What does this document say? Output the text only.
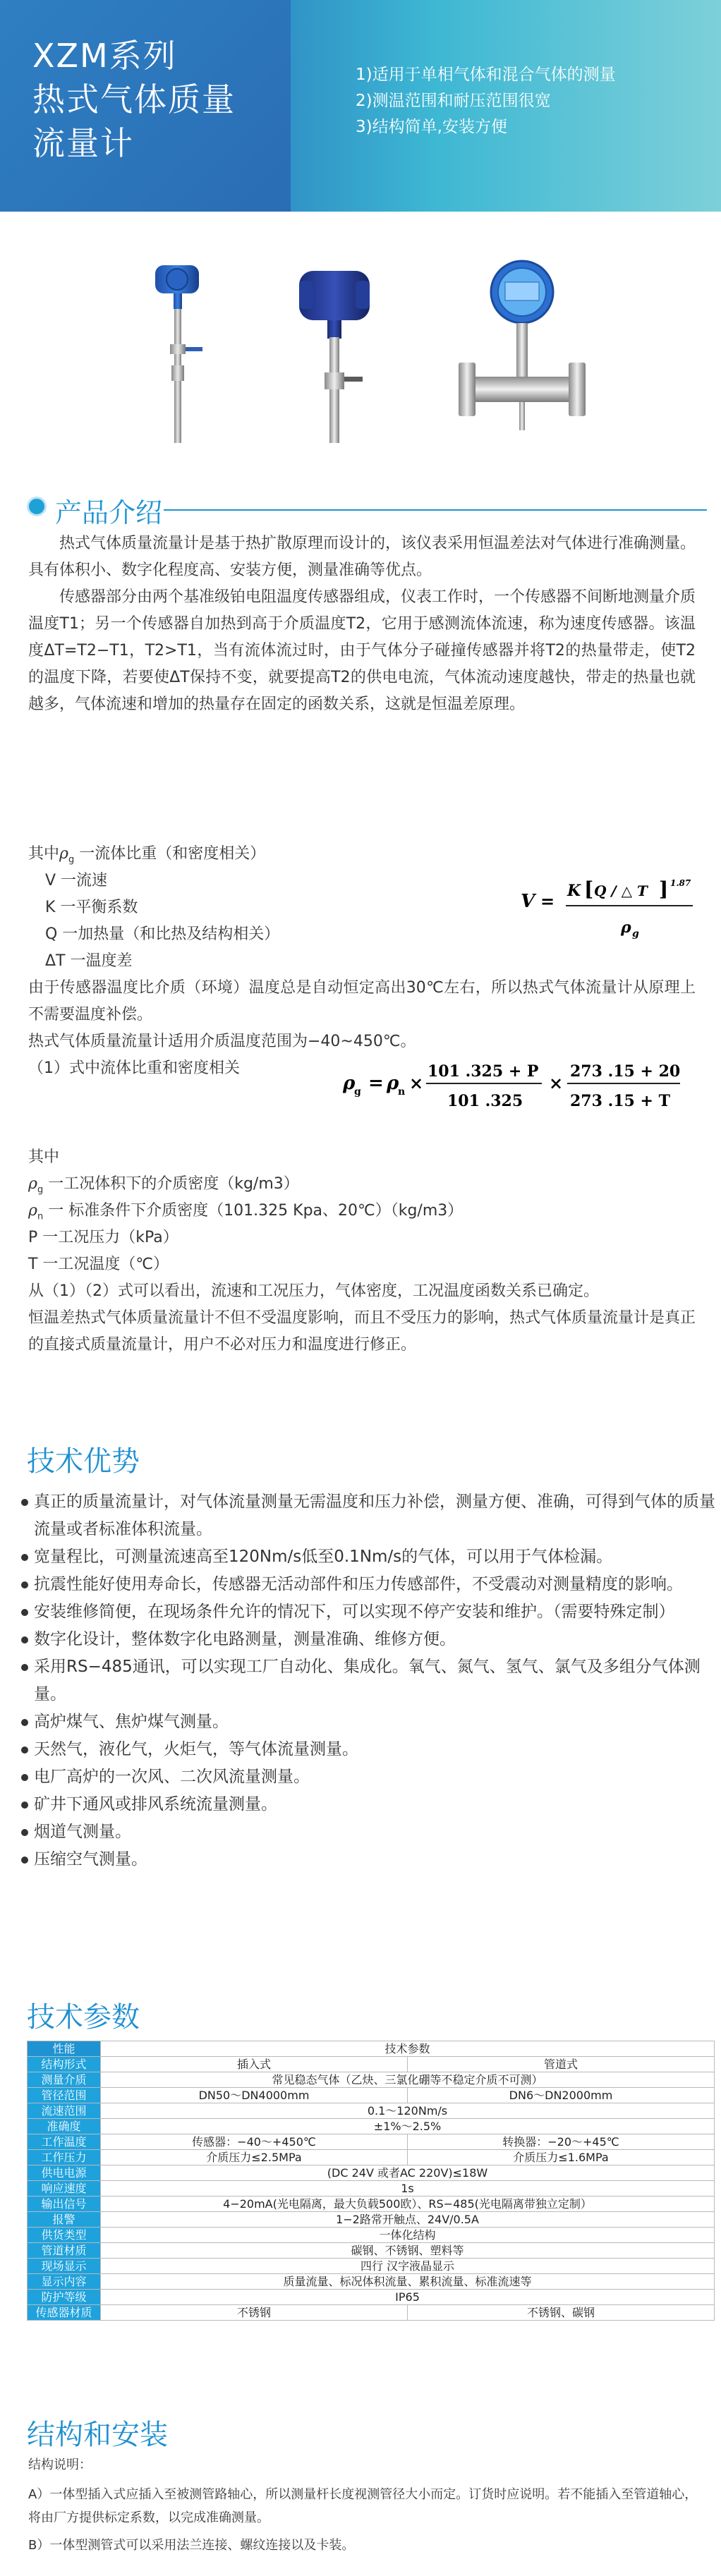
XZM系列
热式气体质量
流量计
1)适用于单相气体和混合气体的测量
2)测温范围和耐压范围很宽
3)结构简单,安装方便
产品介绍

热式气体质量流量计是基于热扩散原理而设计的，该仪表采用恒温差法对气体进行准确测量。具有体积小、数字化程度高、安装方便，测量准确等优点。

传感器部分由两个基准级铂电阻温度传感器组成，仪表工作时，一个传感器不间断地测量介质温度T1；另一个传感器自加热到高于介质温度T2，它用于感测流体流速，称为速度传感器。该温度ΔT=T2−T1，T2>T1，当有流体流过时，由于气体分子碰撞传感器并将T2的热量带走，使T2的温度下降，若要使ΔT保持不变，就要提高T2的供电电流，气体流动速度越快，带走的热量也就越多，气体流速和增加的热量存在固定的函数关系，这就是恒温差原理。

V = K [ Q / △ T ] 1.87
ρ g
其中$\rho_g$ 一流体比重（和密度相关）
V 一流速
K 一平衡系数
Q 一加热量（和比热及结构相关）
ΔT 一温度差
由于传感器温度比介质（环境）温度总是自动恒定高出30℃左右，所以热式气体流量计从原理上不需要温度补偿。
热式气体质量流量计适用介质温度范围为−40~450℃。
（1）式中流体比重和密度相关
ρ
g = ρ
n ×
101 .325 + P
101 .325
×
273 .15 + 20
273 .15 + T
其中
$\rho_g$ 一工况体积下的介质密度（kg/m3）
$\rho_n$ 一 标准条件下介质密度（101.325 Kpa、20℃）（kg/m3）
P 一工况压力（kPa）
T 一工况温度（℃）
从（1）（2）式可以看出，流速和工况压力，气体密度，工况温度函数关系已确定。
恒温差热式气体质量流量计不但不受温度影响，而且不受压力的影响，热式气体质量流量计是真正的直接式质量流量计，用户不必对压力和温度进行修正。
技术优势
真正的质量流量计，对气体流量测量无需温度和压力补偿，测量方便、准确，可得到气体的质量流量或者标准体积流量。
宽量程比，可测量流速高至120Nm/s低至0.1Nm/s的气体，可以用于气体检漏。
抗震性能好使用寿命长，传感器无活动部件和压力传感部件，不受震动对测量精度的影响。
安装维修简便，在现场条件允许的情况下，可以实现不停产安装和维护。（需要特殊定制）
数字化设计，整体数字化电路测量，测量准确、维修方便。
采用RS−485通讯，可以实现工厂自动化、集成化。氧气、氮气、氢气、氯气及多组分气体测量。
高炉煤气、焦炉煤气测量。
天然气，液化气，火炬气，等气体流量测量。
电厂高炉的一次风、二次风流量测量。
矿井下通风或排风系统流量测量。
烟道气测量。
压缩空气测量。
技术参数
性能	技术参数	
结构形式	插入式	管道式
测量介质	常见稳态气体（乙炔、三氯化硼等不稳定介质不可测）	
管径范围	DN50～DN4000mm	DN6～DN2000mm
流速范围	0.1～120Nm/s	
准确度	±1%～2.5%	
工作温度	传感器：−40～+450℃	转换器：−20～+45℃
工作压力	介质压力≤2.5MPa	介质压力≤1.6MPa
供电电源	(DC 24V 或者AC 220V)≤18W	
响应速度	1s	
输出信号	4−20mA(光电隔离，最大负载500欧）、RS−485(光电隔离带独立定制）	
报警	1−2路常开触点、24V/0.5A	
供货类型	一体化结构	
管道材质	碳钢、不锈钢、塑料等	
现场显示	四行 汉字液晶显示	
显示内容	质量流量、标况体积流量、累积流量、标准流速等	
防护等级	IP65	
传感器材质	不锈钢	不锈钢、碳钢
结构和安装
结构说明：
A）一体型插入式应插入至被测管路轴心，所以测量杆长度视测管径大小而定。订货时应说明。若不能插入至管道轴心，将由厂方提供标定系数，以完成准确测量。
B）一体型测管式可以采用法兰连接、螺纹连接以及卡装。
